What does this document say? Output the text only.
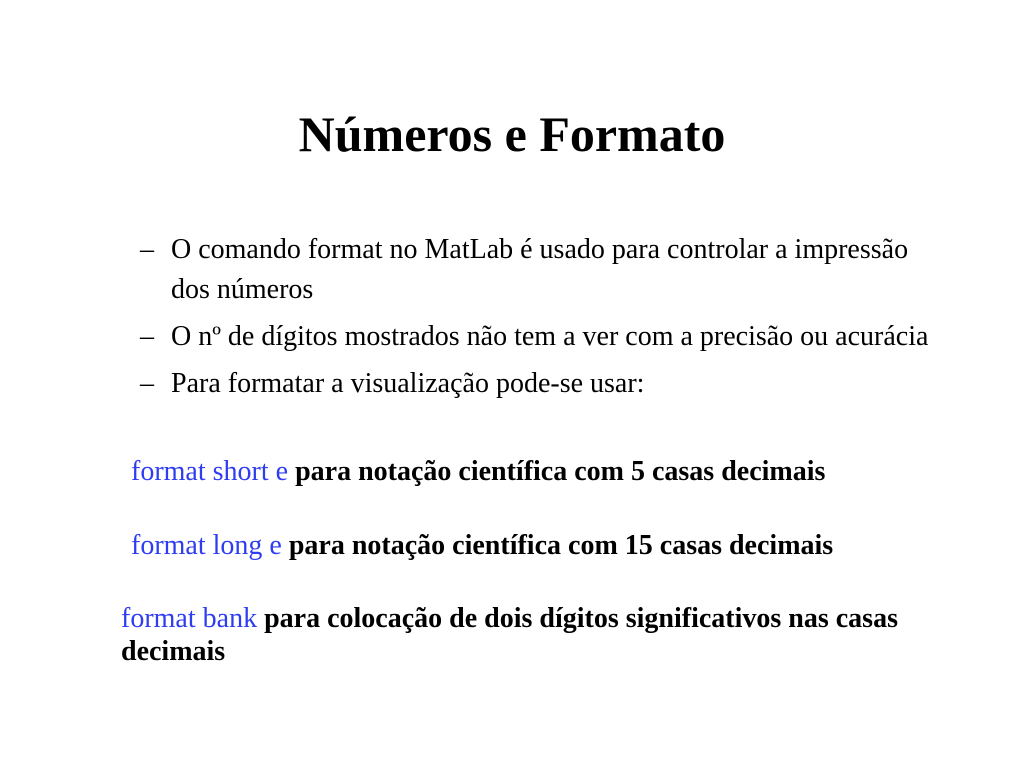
Números e Formato
– O comando format no MatLab é usado para controlar a impressão dos números
– O nº de dígitos mostrados não tem a ver com a precisão ou acurácia
– Para formatar a visualização pode-se usar:
format short e para notação científica com 5 casas decimais
format long e para notação científica com 15 casas decimais
format bank para colocação de dois dígitos significativos nas casas decimais
